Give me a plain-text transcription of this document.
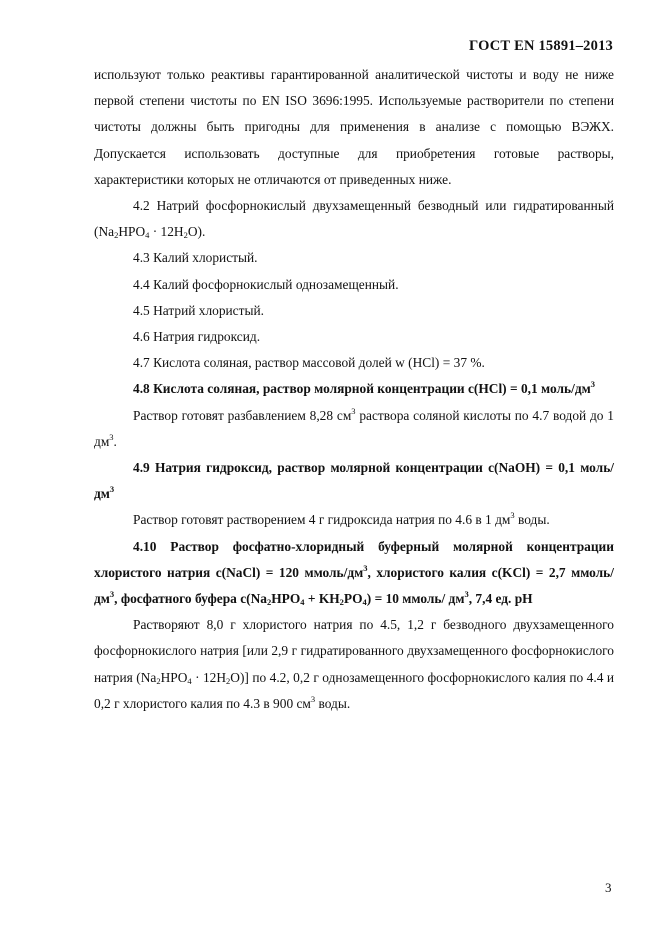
ГОСТ EN 15891–2013

используют только реактивы гарантированной аналитической чистоты и воду не ниже первой степени чистоты по EN ISO 3696:1995. Используемые растворители по степени чистоты должны быть пригодны для применения в анализе с помощью ВЭЖХ. Допускается использовать доступные для приобретения готовые растворы, характеристики которых не отличаются от приведенных ниже.

4.2 Натрий фосфорнокислый двухзамещенный безводный или гидратированный $(Na_2HPO_4 \cdot 12H_2O)$.

4.3 Калий хлористый.

4.4 Калий фосфорнокислый однозамещенный.

4.5 Натрий хлористый.

4.6 Натрия гидроксид.

4.7 Кислота соляная, раствор массовой долей w (HCl) = 37 %.

4.8 Кислота соляная, раствор молярной концентрации c(HCl) = 0,1 моль/$дм^3$

Раствор готовят разбавлением 8,28 $см^3$ раствора соляной кислоты по 4.7 водой до 1 $дм^3$.

4.9 Натрия гидроксид, раствор молярной концентрации c(NaOH) = 0,1 моль/$дм^3$

Раствор готовят растворением 4 г гидроксида натрия по 4.6 в 1 $дм^3$ воды.

4.10 Раствор фосфатно-хлоридный буферный молярной концентрации хлористого натрия c(NaCl) = 120 ммоль/$дм^3$, хлористого калия c(KCl) = 2,7 ммоль/$дм^3$, фосфатного буфера $c(Na_2HPO_4 + KH_2PO_4) = 10$ ммоль/ $дм^3$, 7,4 ед. pH

Растворяют 8,0 г хлористого натрия по 4.5, 1,2 г безводного двухзамещенного фосфорнокислого натрия [или 2,9 г гидратированного двухзамещенного фосфорнокислого натрия $(Na_2HPO_4 \cdot 12H_2O)$] по 4.2, 0,2 г однозамещенного фосфорнокислого калия по 4.4 и 0,2 г хлористого калия по 4.3 в 900 $см^3$ воды.

3
